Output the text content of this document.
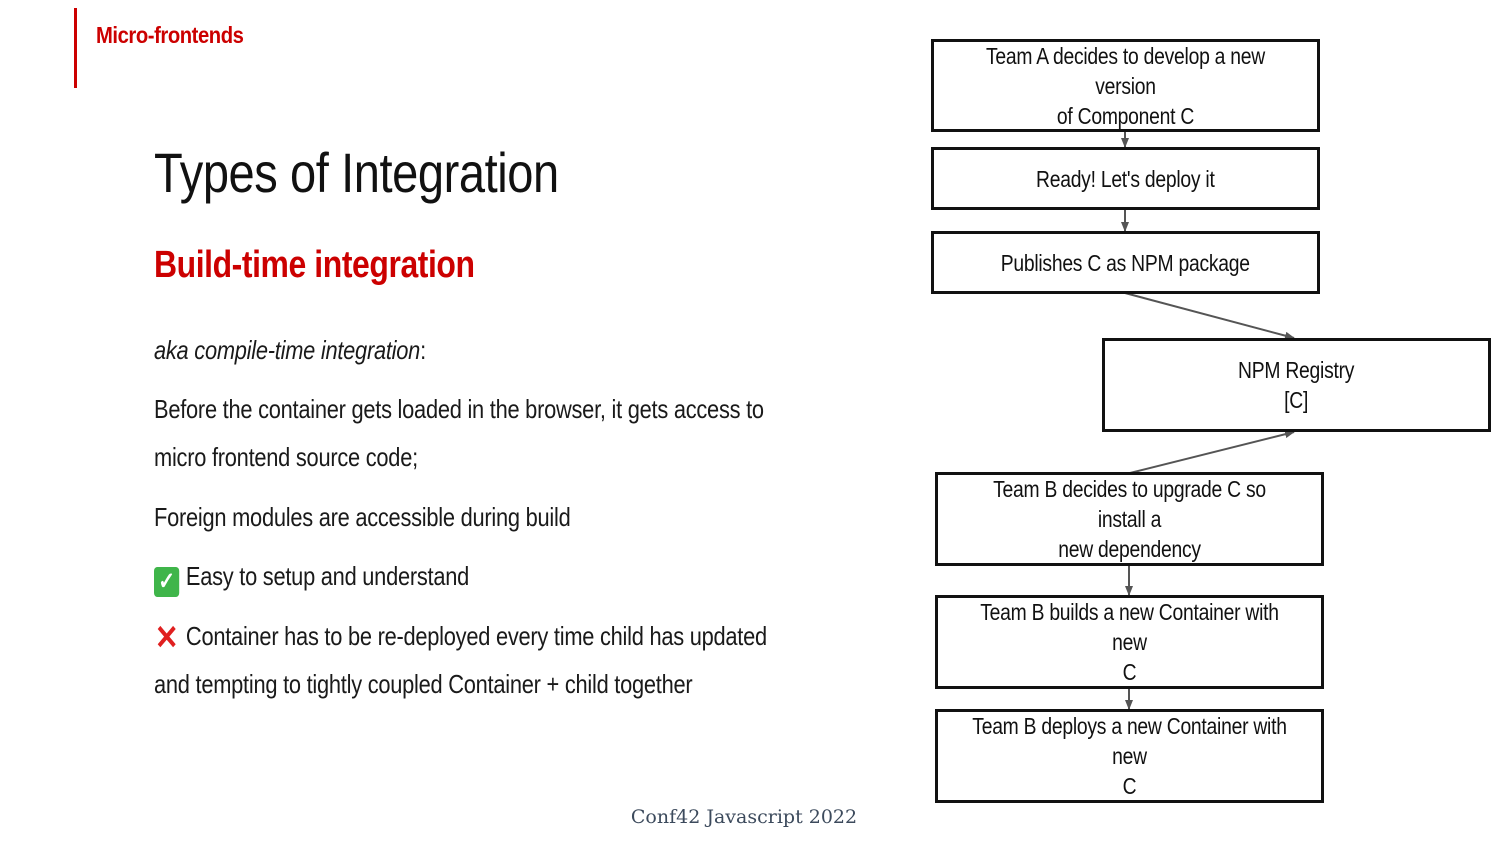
Micro-frontends
Types of Integration
Build-time integration
aka compile-time integration:
Before the container gets loaded in the browser, it gets access to
micro frontend source code;
Foreign modules are accessible during build
✓ Easy to setup and understand
✕ Container has to be re-deployed every time child has updated
and tempting to tightly coupled Container + child together
Team A decides to develop a new version
of Component C
Ready! Let's deploy it
Publishes C as NPM package
NPM Registry
[C]
Team B decides to upgrade C so install a
new dependency
Team B builds a new Container with new
C
Team B deploys a new Container with new
C
Conf42 Javascript 2022
